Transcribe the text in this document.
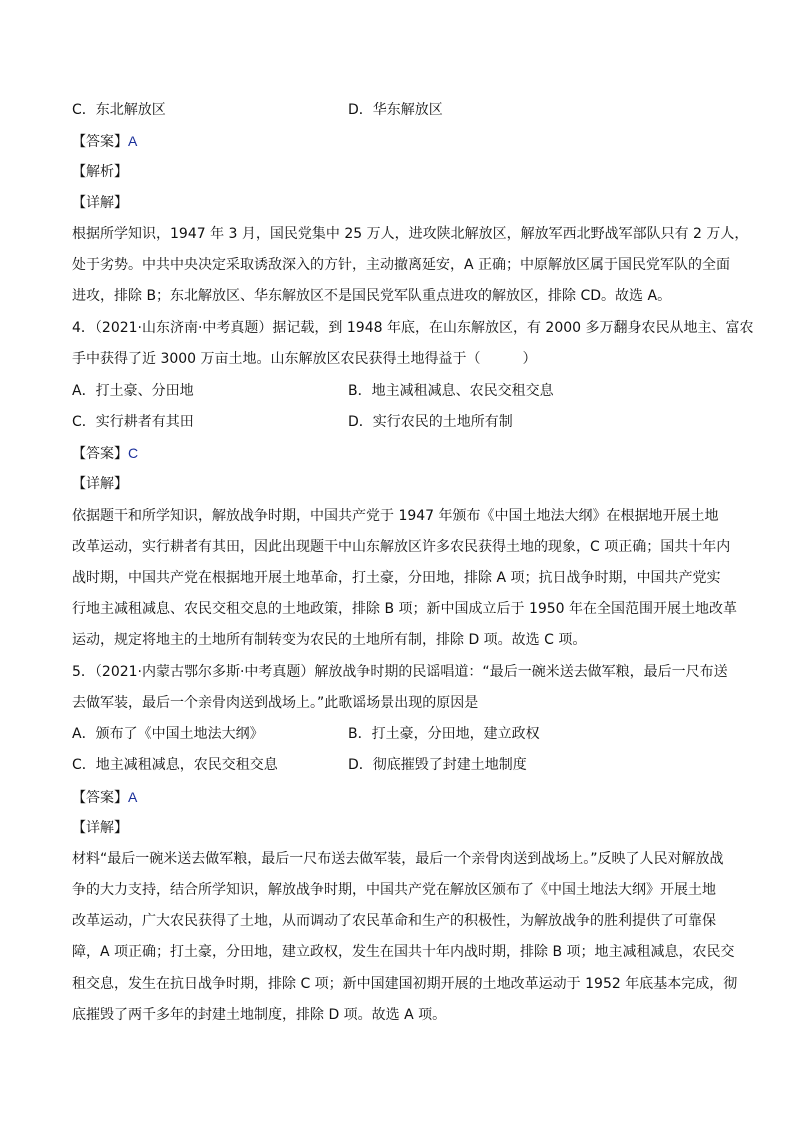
C．东北解放区	D．华东解放区
【答案】A
【解析】
【详解】
根据所学知识，1947 年 3 月，国民党集中 25 万人，进攻陕北解放区，解放军西北野战军部队只有 2 万人，
处于劣势。中共中央决定采取诱敌深入的方针，主动撤离延安，A 正确；中原解放区属于国民党军队的全面
进攻，排除 B；东北解放区、华东解放区不是国民党军队重点进攻的解放区，排除 CD。故选 A。
4．（2021·山东济南·中考真题）据记载，到 1948 年底，在山东解放区，有 2000 多万翻身农民从地主、富农
手中获得了近 3000 万亩土地。山东解放区农民获得土地得益于（　　　）
A．打土豪、分田地	B．地主减租减息、农民交租交息
C．实行耕者有其田	D．实行农民的土地所有制
【答案】C
【详解】
依据题干和所学知识，解放战争时期，中国共产党于 1947 年颁布《中国土地法大纲》在根据地开展土地
改革运动，实行耕者有其田，因此出现题干中山东解放区许多农民获得土地的现象，C 项正确；国共十年内
战时期，中国共产党在根据地开展土地革命，打土豪，分田地，排除 A 项；抗日战争时期，中国共产党实
行地主减租减息、农民交租交息的土地政策，排除 B 项；新中国成立后于 1950 年在全国范围开展土地改革
运动，规定将地主的土地所有制转变为农民的土地所有制，排除 D 项。故选 C 项。
5．（2021·内蒙古鄂尔多斯·中考真题）解放战争时期的民谣唱道：“最后一碗米送去做军粮，最后一尺布送
去做军装，最后一个亲骨肉送到战场上。”此歌谣场景出现的原因是
A．颁布了《中国土地法大纲》	B．打土豪，分田地，建立政权
C．地主减租减息，农民交租交息	D．彻底摧毁了封建土地制度
【答案】A
【详解】
材料“最后一碗米送去做军粮，最后一尺布送去做军装，最后一个亲骨肉送到战场上。”反映了人民对解放战
争的大力支持，结合所学知识，解放战争时期，中国共产党在解放区颁布了《中国土地法大纲》开展土地
改革运动，广大农民获得了土地，从而调动了农民革命和生产的积极性，为解放战争的胜利提供了可靠保
障，A 项正确；打土豪，分田地，建立政权，发生在国共十年内战时期，排除 B 项；地主减租减息，农民交
租交息，发生在抗日战争时期，排除 C 项；新中国建国初期开展的土地改革运动于 1952 年底基本完成，彻
底摧毁了两千多年的封建土地制度，排除 D 项。故选 A 项。
